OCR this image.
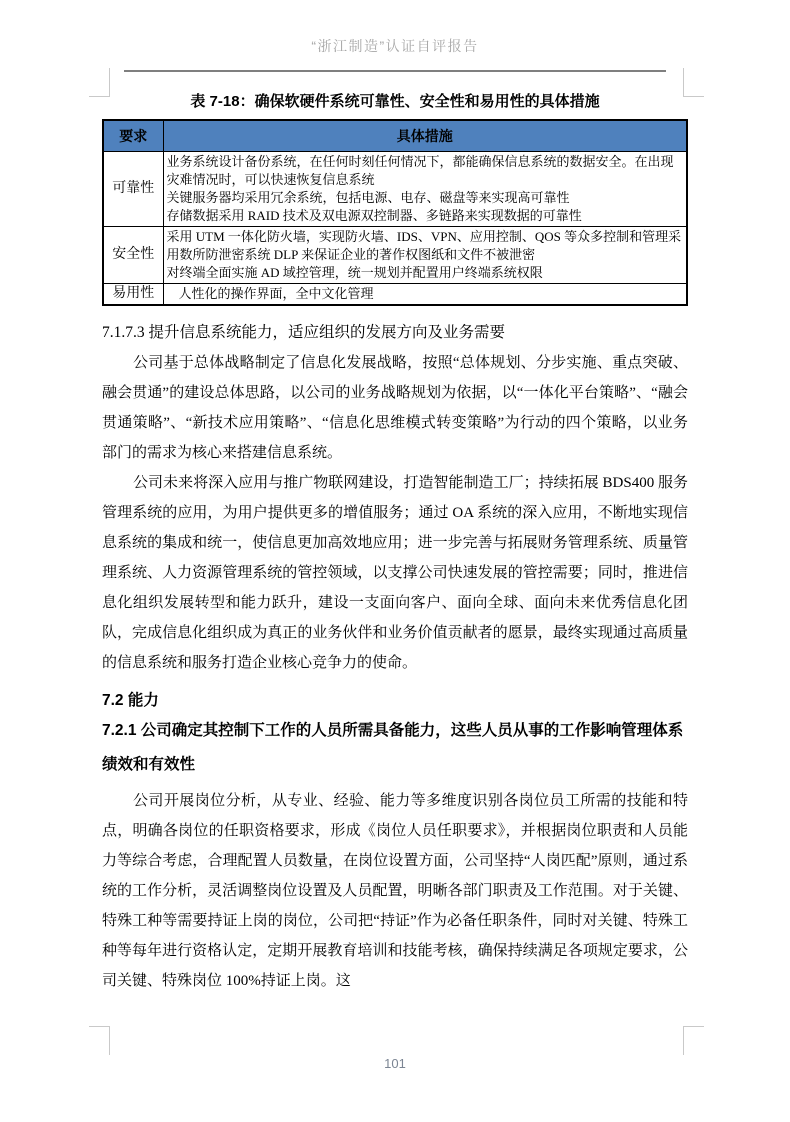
“浙江制造”认证自评报告
表 7-18：确保软硬件系统可靠性、安全性和易用性的具体措施
要求	具体措施
可靠性	业务系统设计备份系统，在任何时刻任何情况下，都能确保信息系统的数据安全。在出现灾难情况时，可以快速恢复信息系统
关键服务器均采用冗余系统，包括电源、电存、磁盘等来实现高可靠性
存储数据采用 RAID 技术及双电源双控制器、多链路来实现数据的可靠性

安全性	采用 UTM 一体化防火墙，实现防火墙、IDS、VPN、应用控制、QOS 等众多控制和管理采用数所防泄密系统 DLP 来保证企业的著作权图纸和文件不被泄密
对终端全面实施 AD 域控管理，统一规划并配置用户终端系统权限

易用性	人性化的操作界面，全中文化管理
7.1.7.3 提升信息系统能力，适应组织的发展方向及业务需要

公司基于总体战略制定了信息化发展战略，按照“总体规划、分步实施、重点突破、融会贯通”的建设总体思路，以公司的业务战略规划为依据，以“一体化平台策略”、“融会贯通策略”、“新技术应用策略”、“信息化思维模式转变策略”为行动的四个策略，以业务部门的需求为核心来搭建信息系统。

公司未来将深入应用与推广物联网建设，打造智能制造工厂；持续拓展 BDS400 服务管理系统的应用，为用户提供更多的增值服务；通过 OA 系统的深入应用，不断地实现信息系统的集成和统一，使信息更加高效地应用；进一步完善与拓展财务管理系统、质量管理系统、人力资源管理系统的管控领域，以支撑公司快速发展的管控需要；同时，推进信息化组织发展转型和能力跃升，建设一支面向客户、面向全球、面向未来优秀信息化团队，完成信息化组织成为真正的业务伙伴和业务价值贡献者的愿景，最终实现通过高质量的信息系统和服务打造企业核心竞争力的使命。

7.2 能力
7.2.1 公司确定其控制下工作的人员所需具备能力，这些人员从事的工作影响管理体系绩效和有效性

公司开展岗位分析，从专业、经验、能力等多维度识别各岗位员工所需的技能和特点，明确各岗位的任职资格要求，形成《岗位人员任职要求》，并根据岗位职责和人员能力等综合考虑，合理配置人员数量，在岗位设置方面，公司坚持“人岗匹配”原则，通过系统的工作分析，灵活调整岗位设置及人员配置，明晰各部门职责及工作范围。对于关键、特殊工种等需要持证上岗的岗位，公司把“持证”作为必备任职条件，同时对关键、特殊工种等每年进行资格认定，定期开展教育培训和技能考核，确保持续满足各项规定要求，公司关键、特殊岗位 100%持证上岗。这

101
